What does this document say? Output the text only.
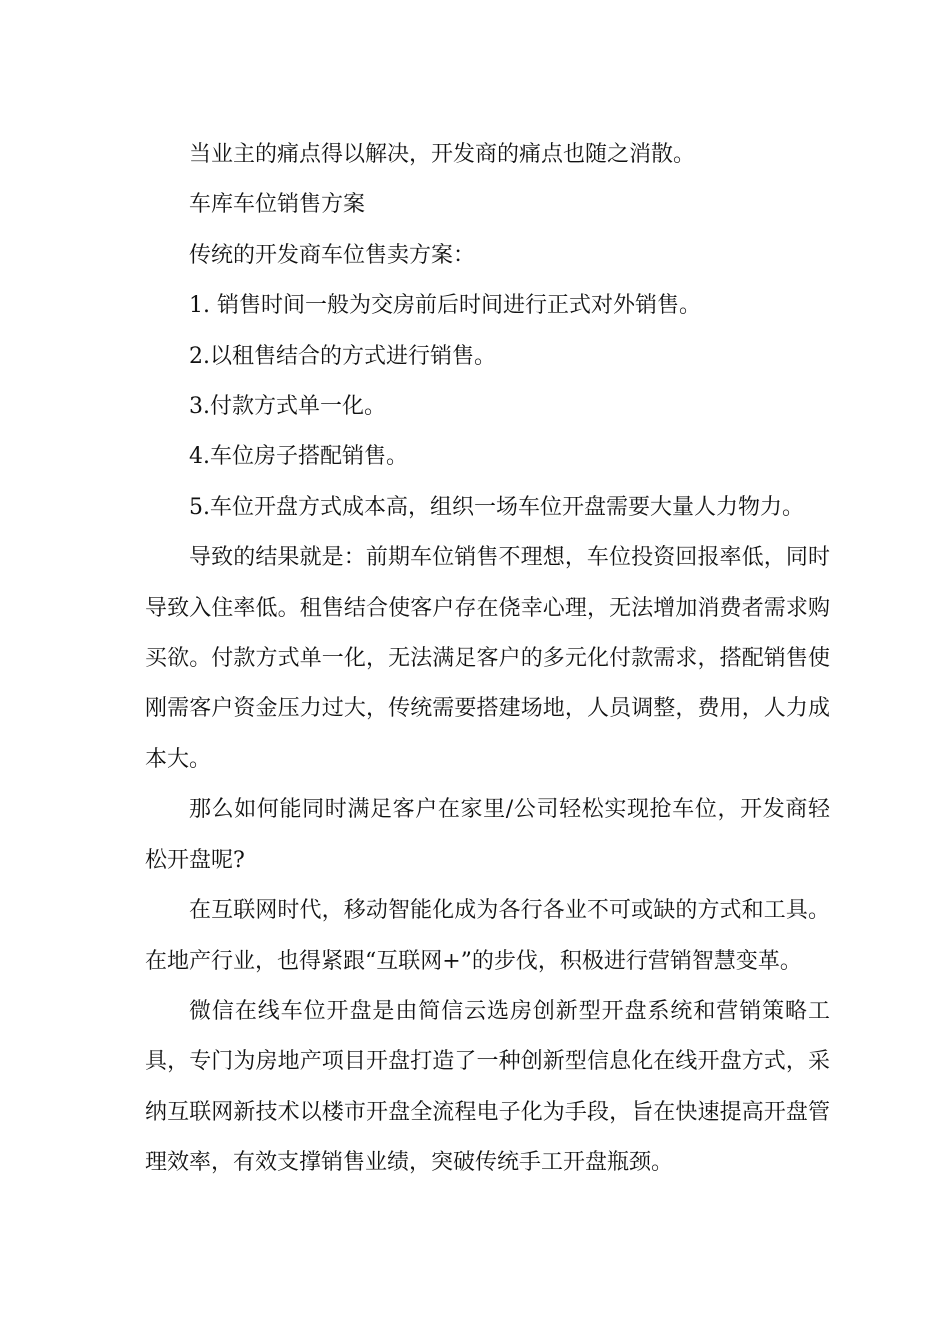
当业主的痛点得以解决，开发商的痛点也随之消散。

车库车位销售方案

传统的开发商车位售卖方案：

1. 销售时间一般为交房前后时间进行正式对外销售。

2.以租售结合的方式进行销售。

3.付款方式单一化。

4.车位房子搭配销售。

5.车位开盘方式成本高，组织一场车位开盘需要大量人力物力。

导致的结果就是：前期车位销售不理想，车位投资回报率低，同时导致入住率低。租售结合使客户存在侥幸心理，无法增加消费者需求购买欲。付款方式单一化，无法满足客户的多元化付款需求，搭配销售使刚需客户资金压力过大，传统需要搭建场地，人员调整，费用，人力成本大。

那么如何能同时满足客户在家里/公司轻松实现抢车位，开发商轻松开盘呢?

在互联网时代，移动智能化成为各行各业不可或缺的方式和工具。在地产行业，也得紧跟“互联网+”的步伐，积极进行营销智慧变革。

微信在线车位开盘是由简信云选房创新型开盘系统和营销策略工具，专门为房地产项目开盘打造了一种创新型信息化在线开盘方式，采纳互联网新技术以楼市开盘全流程电子化为手段，旨在快速提高开盘管理效率，有效支撑销售业绩，突破传统手工开盘瓶颈。
